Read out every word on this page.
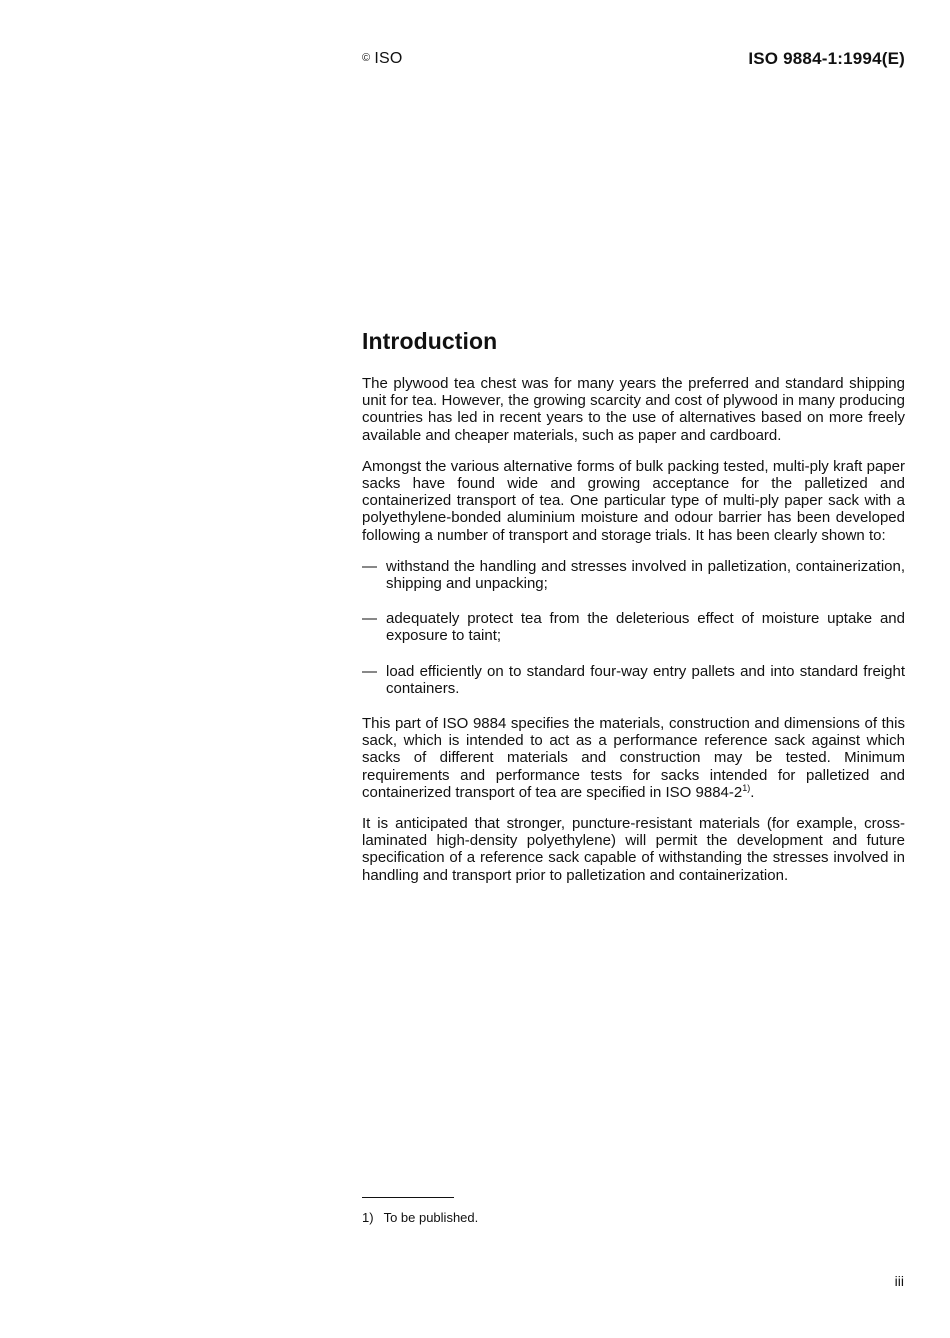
© ISO	ISO 9884-1:1994(E)
Introduction

The plywood tea chest was for many years the preferred and standard shipping unit for tea. However, the growing scarcity and cost of plywood in many producing countries has led in recent years to the use of alternatives based on more freely available and cheaper materials, such as paper and cardboard.

Amongst the various alternative forms of bulk packing tested, multi-ply kraft paper sacks have found wide and growing acceptance for the palletized and containerized transport of tea. One particular type of multi-ply paper sack with a polyethylene-bonded aluminium moisture and odour barrier has been developed following a number of transport and storage trials. It has been clearly shown to:

— withstand the handling and stresses involved in palletization, containerization, shipping and unpacking;
— adequately protect tea from the deleterious effect of moisture uptake and exposure to taint;
— load efficiently on to standard four-way entry pallets and into standard freight containers.

This part of ISO 9884 specifies the materials, construction and dimensions of this sack, which is intended to act as a performance reference sack against which sacks of different materials and construction may be tested. Minimum requirements and performance tests for sacks intended for palletized and containerized transport of tea are specified in ISO 9884-2$^{1)}$.

It is anticipated that stronger, puncture-resistant materials (for example, cross-laminated high-density polyethylene) will permit the development and future specification of a reference sack capable of withstanding the stresses involved in handling and transport prior to palletization and containerization.

1) To be published.
iii
